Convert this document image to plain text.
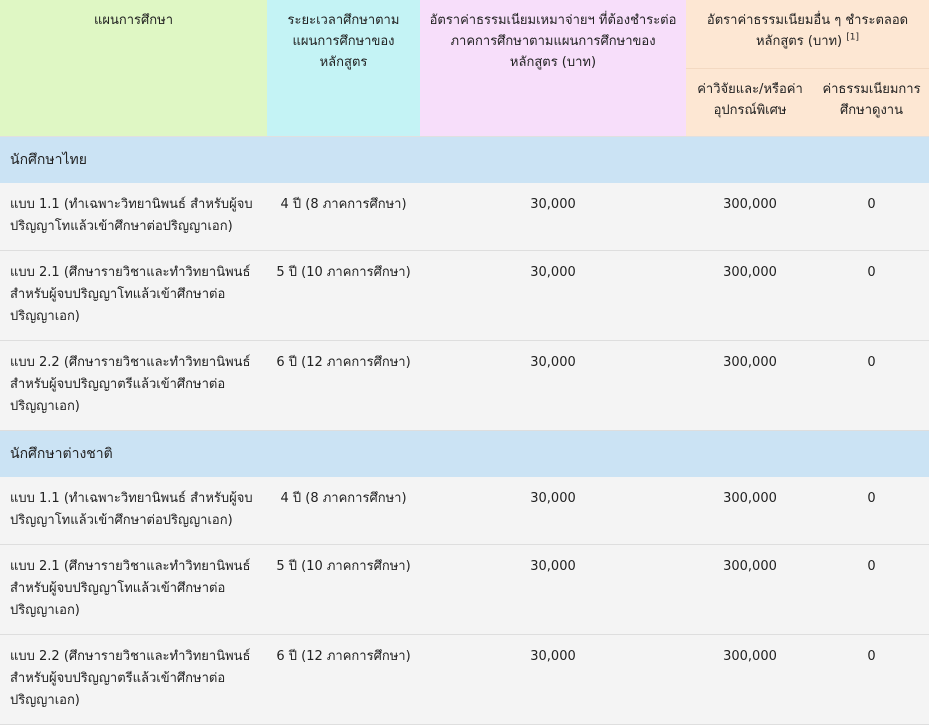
แผนการศึกษา	ระยะเวลาศึกษาตามแผนการศึกษาของหลักสูตร	อัตราค่าธรรมเนียมเหมาจ่ายฯ ที่ต้องชำระต่อภาคการศึกษาตามแผนการศึกษาของหลักสูตร (บาท)	อัตราค่าธรรมเนียมอื่น ๆ ชำระตลอดหลักสูตร (บาท) [1]
			ค่าวิจัยและ/หรือค่าอุปกรณ์พิเศษ	ค่าธรรมเนียมการศึกษาดูงาน
นักศึกษาไทย				
แบบ 1.1 (ทำเฉพาะวิทยานิพนธ์ สำหรับผู้จบปริญญาโทแล้วเข้าศึกษาต่อปริญญาเอก)	4 ปี (8 ภาคการศึกษา)	30,000	300,000	0
แบบ 2.1 (ศึกษารายวิชาและทำวิทยานิพนธ์ สำหรับผู้จบปริญญาโทแล้วเข้าศึกษาต่อปริญญาเอก)	5 ปี (10 ภาคการศึกษา)	30,000	300,000	0
แบบ 2.2 (ศึกษารายวิชาและทำวิทยานิพนธ์ สำหรับผู้จบปริญญาตรีแล้วเข้าศึกษาต่อปริญญาเอก)	6 ปี (12 ภาคการศึกษา)	30,000	300,000	0
นักศึกษาต่างชาติ				
แบบ 1.1 (ทำเฉพาะวิทยานิพนธ์ สำหรับผู้จบปริญญาโทแล้วเข้าศึกษาต่อปริญญาเอก)	4 ปี (8 ภาคการศึกษา)	30,000	300,000	0
แบบ 2.1 (ศึกษารายวิชาและทำวิทยานิพนธ์ สำหรับผู้จบปริญญาโทแล้วเข้าศึกษาต่อปริญญาเอก)	5 ปี (10 ภาคการศึกษา)	30,000	300,000	0
แบบ 2.2 (ศึกษารายวิชาและทำวิทยานิพนธ์ สำหรับผู้จบปริญญาตรีแล้วเข้าศึกษาต่อปริญญาเอก)	6 ปี (12 ภาคการศึกษา)	30,000	300,000	0
